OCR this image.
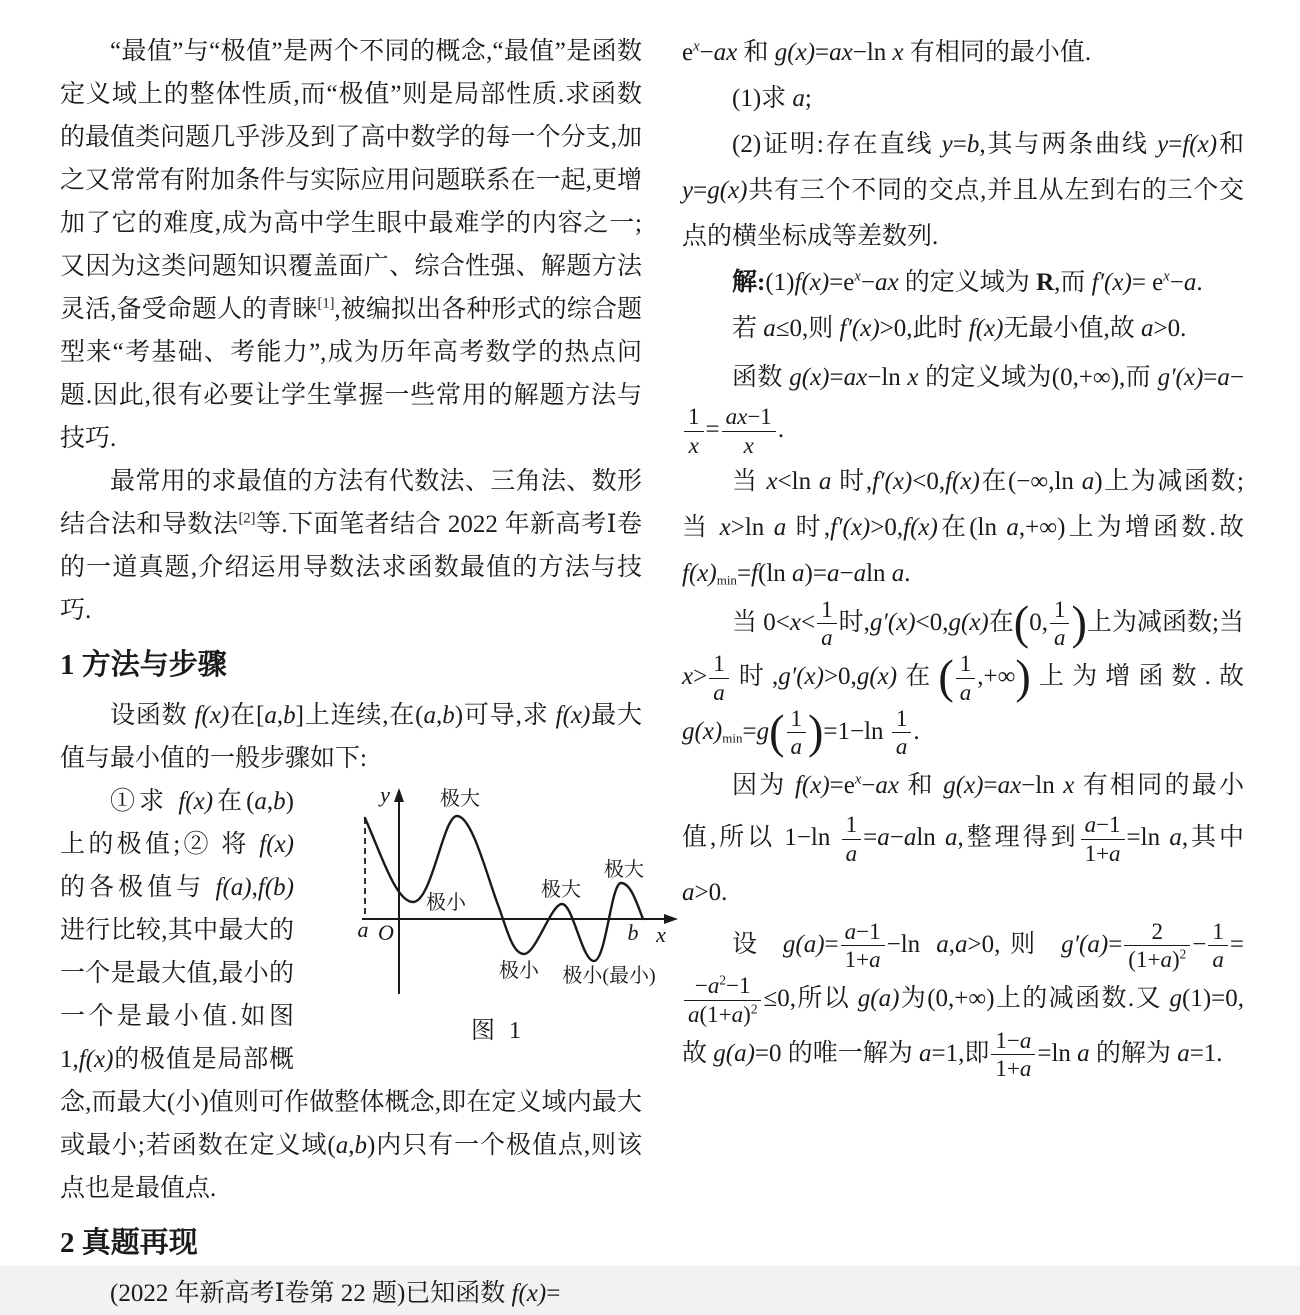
“最值”与“极值”是两个不同的概念,“最值”是函数定义域上的整体性质,而“极值”则是局部性质.求函数的最值类问题几乎涉及到了高中数学的每一个分支,加之又常常有附加条件与实际应用问题联系在一起,更增加了它的难度,成为高中学生眼中最难学的内容之一;又因为这类问题知识覆盖面广、综合性强、解题方法灵活,备受命题人的青睐[1],被编拟出各种形式的综合题型来“考基础、考能力”,成为历年高考数学的热点问题.因此,很有必要让学生掌握一些常用的解题方法与技巧.

最常用的求最值的方法有代数法、三角法、数形结合法和导数法[2]等.下面笔者结合 2022 年新高考Ⅰ卷的一道真题,介绍运用导数法求函数最值的方法与技巧.

1 方法与步骤

设函数 f(x)在[a,b]上连续,在(a,b)可导,求 f(x)最大值与最小值的一般步骤如下:

y
x
O
a	b
极大
极小
极小
极大
极小(最小)
极大
图 1
①求 f(x)在(a,b) 上的极值;② 将 f(x) 的各极值与 f(a),f(b)进行比较,其中最大的一个是最大值,最小的一个是最小值.如图 1,f(x)的极值是局部概念,而最大(小)值则可作做整体概念,即在定义域内最大或最小;若函数在定义域(a,b)内只有一个极值点,则该点也是最值点.

2 真题再现

(2022 年新高考Ⅰ卷第 22 题)已知函数 f(x)=

$e^x-ax$ 和 g(x)=ax−ln x 有相同的最小值.

(1)求 a;

(2)证明:存在直线 y=b,其与两条曲线 y=f(x)和 y=g(x)共有三个不同的交点,并且从左到右的三个交点的横坐标成等差数列.

解$:(1)f(x)=e^x-ax$ 的定义域为 R,而 $f'(x)= e^x-a$.

若 a≤0,则 f′(x)>0,此时 f(x)无最小值,故 a>0.

函数 g(x)=ax−ln x 的定义域为(0,+∞),而 g′(x)=a−
$\frac{1}{x} = \frac{ax-1}{x}$ .

当 x<ln a 时,f′(x)<0,f(x)在(−∞,ln a)上为减函数;当 x>ln a 时,f′(x)>0,f(x)在(ln a,+∞)上为增函数.故 $f(x)_{min}=f(\ln$ a)=a−aln a.

当 $0<x< \frac{1}{a}$ 时,g′(x)<0,g(x)在 ( 0, $\frac{1}{a}$
) 上为减函数;当 $x> \frac{1}{a}$ 时,g′(x)>0,g(x)在 ( $\frac{1}{a}$ ,+∞
) 上为增函数.故 $g(x)_{min}=g$ ( $\frac{1}{a}$
) $=1-\ln \frac{1}{a}$ .

因为 $f(x)=e^x-ax$ 和 g(x)=ax−ln x 有相同的最小值,所以 $1-\ln \frac{1}{a} =a-aln$ a,整理得到 $\frac{a-1}{1+a} =\ln$ a,其中 a>0.

设 $g(a)= \frac{a-1}{1+a} -\ln$ a,a>0,则 $g'(a)= \frac{2}{(1+a)^2} - \frac{1}{a}$ =
$\frac{-a^2-1}{a(1+a)^2} \le 0$,所以 g(a)为(0,+∞)上的减函数.又 g(1)=0,故 g(a)=0 的唯一解为 a=1,即 $\frac{1-a}{1+a} =\ln$ a 的解为 a=1.
